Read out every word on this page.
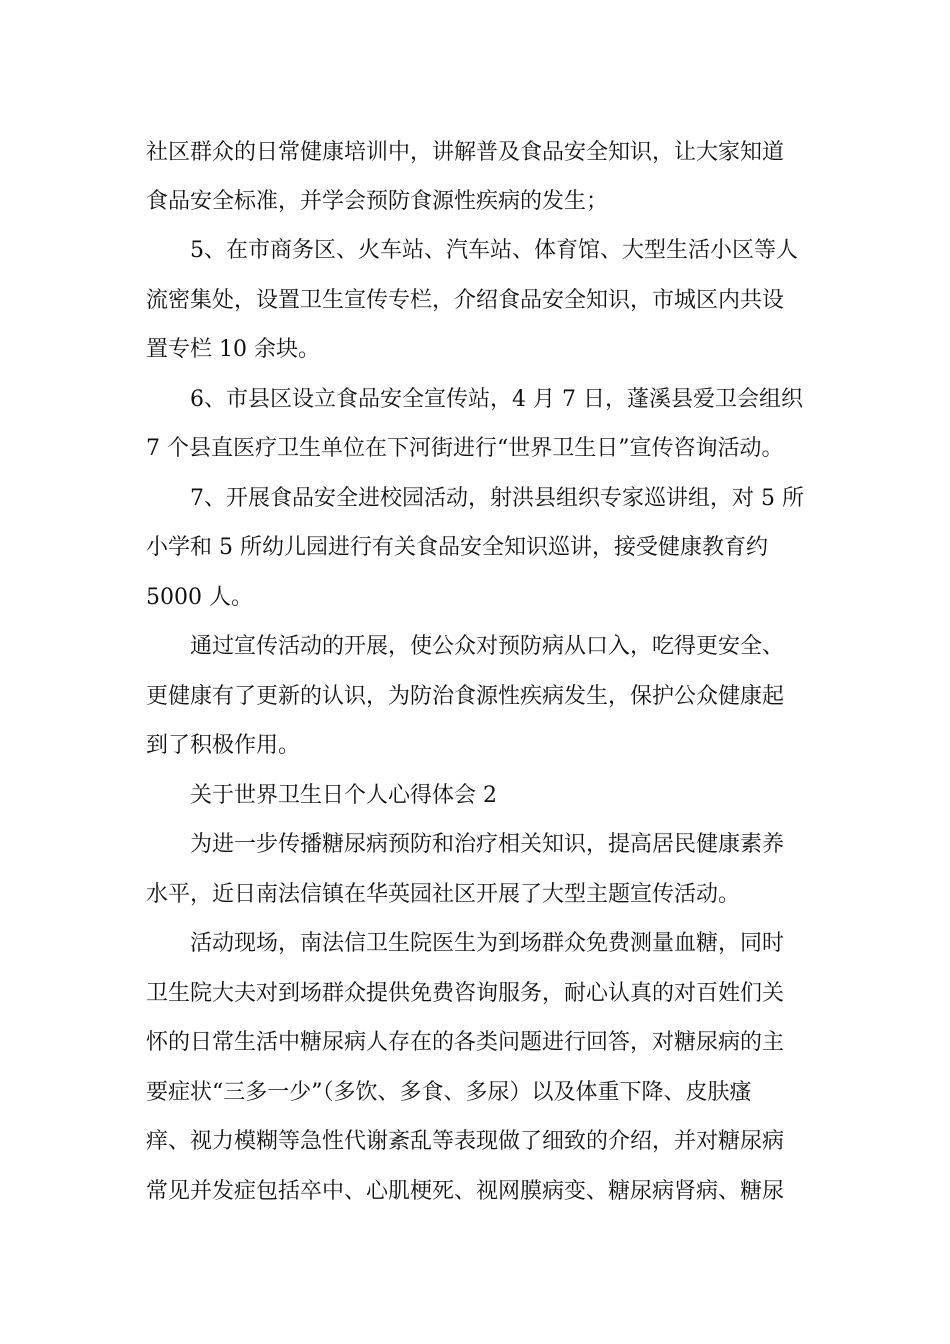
社区群众的日常健康培训中，讲解普及食品安全知识，让大家知道
食品安全标准，并学会预防食源性疾病的发生；
5、在市商务区、火车站、汽车站、体育馆、大型生活小区等人
流密集处，设置卫生宣传专栏，介绍食品安全知识，市城区内共设
置专栏 10 余块。
6、市县区设立食品安全宣传站，4 月 7 日，蓬溪县爱卫会组织
7 个县直医疗卫生单位在下河街进行“世界卫生日”宣传咨询活动。
7、开展食品安全进校园活动，射洪县组织专家巡讲组，对 5 所
小学和 5 所幼儿园进行有关食品安全知识巡讲，接受健康教育约
5000 人。
通过宣传活动的开展，使公众对预防病从口入，吃得更安全、
更健康有了更新的认识，为防治食源性疾病发生，保护公众健康起
到了积极作用。
关于世界卫生日个人心得体会 2
为进一步传播糖尿病预防和治疗相关知识，提高居民健康素养
水平，近日南法信镇在华英园社区开展了大型主题宣传活动。
活动现场，南法信卫生院医生为到场群众免费测量血糖，同时
卫生院大夫对到场群众提供免费咨询服务，耐心认真的对百姓们关
怀的日常生活中糖尿病人存在的各类问题进行回答，对糖尿病的主
要症状“三多一少”（多饮、多食、多尿）以及体重下降、皮肤瘙
痒、视力模糊等急性代谢紊乱等表现做了细致的介绍，并对糖尿病
常见并发症包括卒中、心肌梗死、视网膜病变、糖尿病肾病、糖尿
